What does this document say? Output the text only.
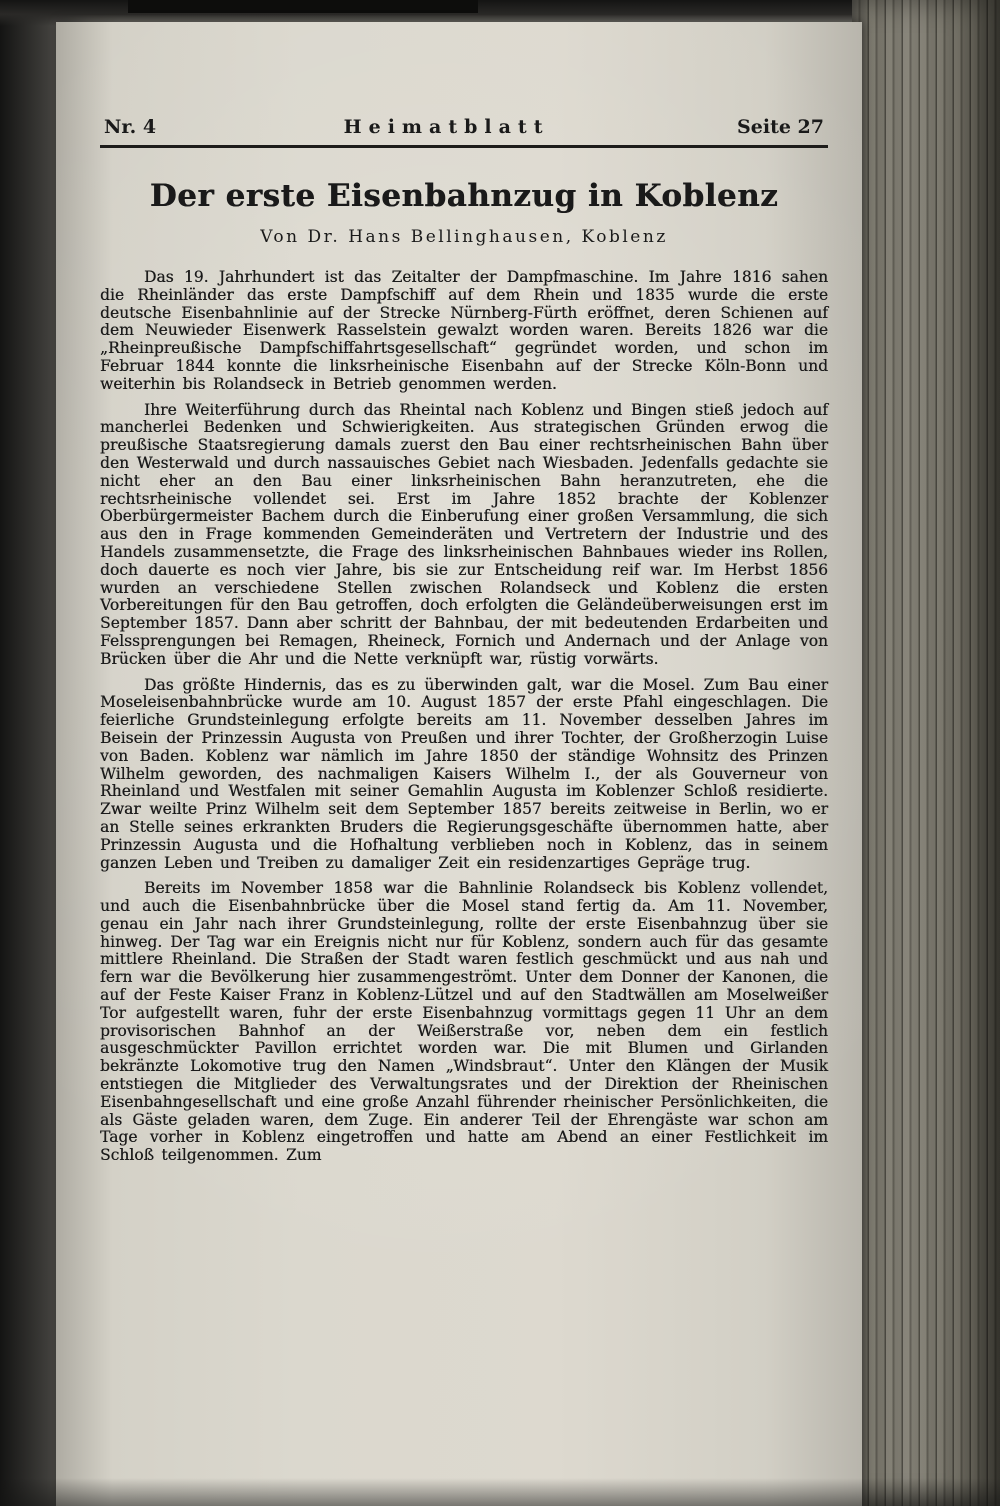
Nr. 4	Heimatblatt	Seite 27
Der erste Eisenbahnzug in Koblenz
Von Dr. Hans Bellinghausen, Koblenz

Das 19. Jahrhundert ist das Zeitalter der Dampfmaschine. Im Jahre 1816 sahen die Rheinländer das erste Dampfschiff auf dem Rhein und 1835 wurde die erste deutsche Eisenbahnlinie auf der Strecke Nürnberg-Fürth eröffnet, deren Schienen auf dem Neuwieder Eisenwerk Rasselstein gewalzt worden waren. Bereits 1826 war die „Rheinpreußische Dampfschiffahrtsgesellschaft“ gegründet worden, und schon im Februar 1844 konnte die linksrheinische Eisenbahn auf der Strecke Köln-Bonn und weiterhin bis Rolandseck in Betrieb genommen werden.

Ihre Weiterführung durch das Rheintal nach Koblenz und Bingen stieß jedoch auf mancherlei Bedenken und Schwierigkeiten. Aus strategischen Gründen erwog die preußische Staatsregierung damals zuerst den Bau einer rechtsrheinischen Bahn über den Westerwald und durch nassauisches Gebiet nach Wiesbaden. Jedenfalls gedachte sie nicht eher an den Bau einer linksrheinischen Bahn heranzutreten, ehe die rechtsrheinische vollendet sei. Erst im Jahre 1852 brachte der Koblenzer Oberbürgermeister Bachem durch die Einberufung einer großen Versammlung, die sich aus den in Frage kommenden Gemeinderäten und Vertretern der Industrie und des Handels zusammensetzte, die Frage des linksrheinischen Bahnbaues wieder ins Rollen, doch dauerte es noch vier Jahre, bis sie zur Entscheidung reif war. Im Herbst 1856 wurden an verschiedene Stellen zwischen Rolandseck und Koblenz die ersten Vorbereitungen für den Bau getroffen, doch erfolgten die Geländeüberweisungen erst im September 1857. Dann aber schritt der Bahnbau, der mit bedeutenden Erdarbeiten und Felssprengungen bei Remagen, Rheineck, Fornich und Andernach und der Anlage von Brücken über die Ahr und die Nette verknüpft war, rüstig vorwärts.

Das größte Hindernis, das es zu überwinden galt, war die Mosel. Zum Bau einer Moseleisenbahnbrücke wurde am 10. August 1857 der erste Pfahl eingeschlagen. Die feierliche Grundsteinlegung erfolgte bereits am 11. November desselben Jahres im Beisein der Prinzessin Augusta von Preußen und ihrer Tochter, der Großherzogin Luise von Baden. Koblenz war nämlich im Jahre 1850 der ständige Wohnsitz des Prinzen Wilhelm geworden, des nachmaligen Kaisers Wilhelm I., der als Gouverneur von Rheinland und Westfalen mit seiner Gemahlin Augusta im Koblenzer Schloß residierte. Zwar weilte Prinz Wilhelm seit dem September 1857 bereits zeitweise in Berlin, wo er an Stelle seines erkrankten Bruders die Regierungsgeschäfte übernommen hatte, aber Prinzessin Augusta und die Hofhaltung verblieben noch in Koblenz, das in seinem ganzen Leben und Treiben zu damaliger Zeit ein residenzartiges Gepräge trug.

Bereits im November 1858 war die Bahnlinie Rolandseck bis Koblenz vollendet, und auch die Eisenbahnbrücke über die Mosel stand fertig da. Am 11. November, genau ein Jahr nach ihrer Grundsteinlegung, rollte der erste Eisenbahnzug über sie hinweg. Der Tag war ein Ereignis nicht nur für Koblenz, sondern auch für das gesamte mittlere Rheinland. Die Straßen der Stadt waren festlich geschmückt und aus nah und fern war die Bevölkerung hier zusammengeströmt. Unter dem Donner der Kanonen, die auf der Feste Kaiser Franz in Koblenz-Lützel und auf den Stadtwällen am Moselweißer Tor aufgestellt waren, fuhr der erste Eisenbahnzug vormittags gegen 11 Uhr an dem provisorischen Bahnhof an der Weißerstraße vor, neben dem ein festlich ausgeschmückter Pavillon errichtet worden war. Die mit Blumen und Girlanden bekränzte Lokomotive trug den Namen „Windsbraut“. Unter den Klängen der Musik entstiegen die Mitglieder des Verwaltungsrates und der Direktion der Rheinischen Eisenbahngesellschaft und eine große Anzahl führender rheinischer Persönlichkeiten, die als Gäste geladen waren, dem Zuge. Ein anderer Teil der Ehrengäste war schon am Tage vorher in Koblenz eingetroffen und hatte am Abend an einer Festlichkeit im Schloß teilgenommen. Zum
